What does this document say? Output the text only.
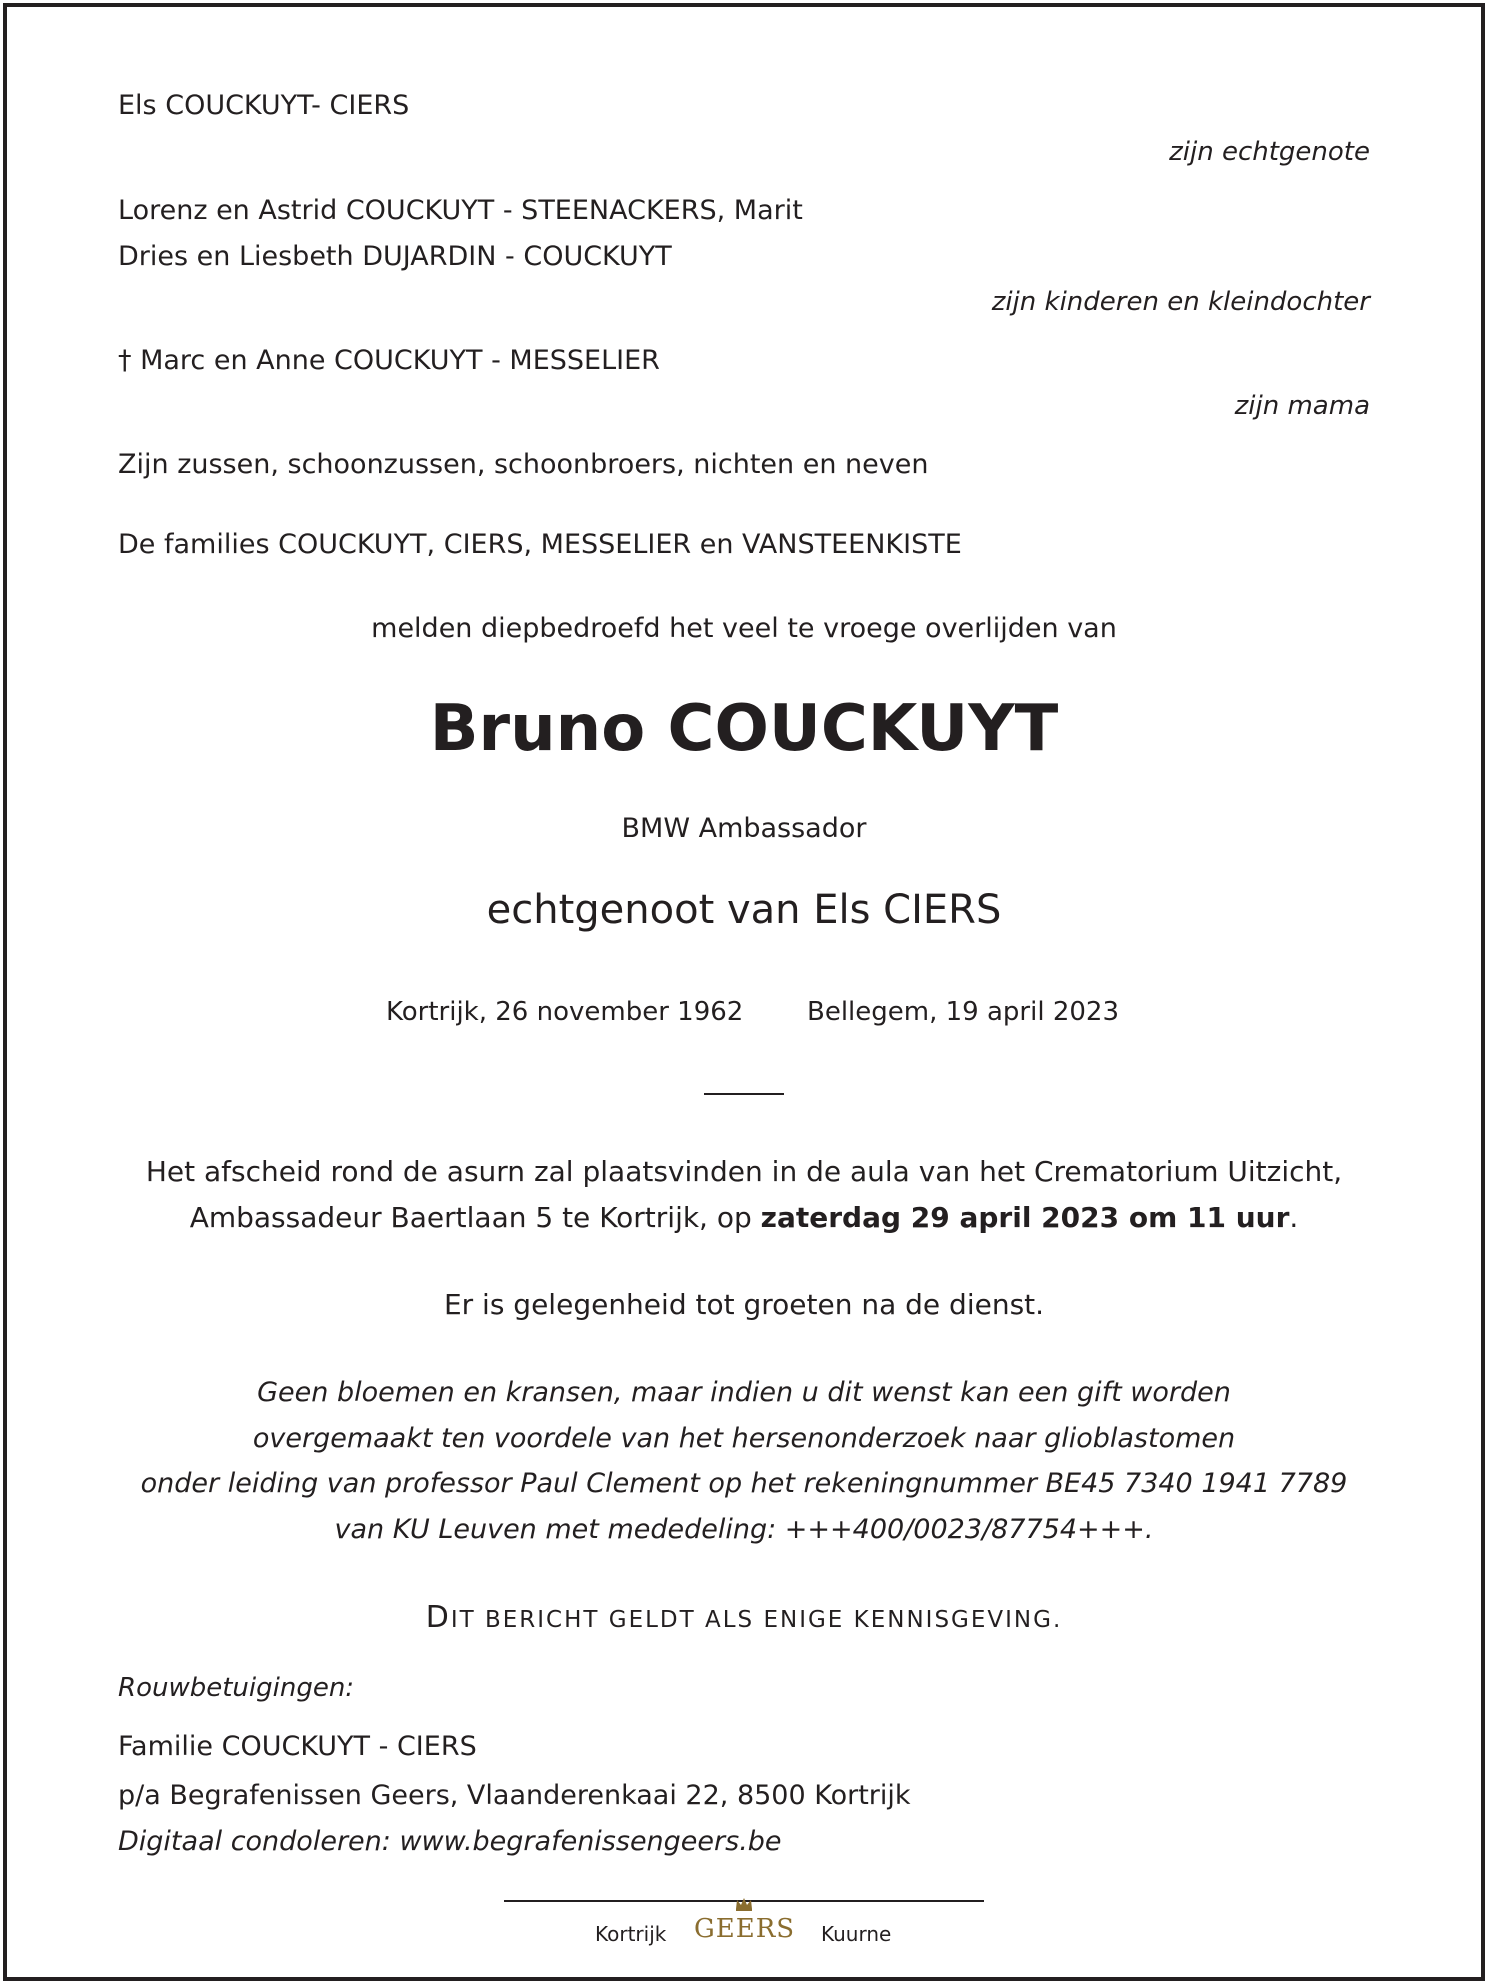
Els COUCKUYT- CIERS
zijn echtgenote
Lorenz en Astrid COUCKUYT - STEENACKERS, Marit
Dries en Liesbeth DUJARDIN - COUCKUYT
zijn kinderen en kleindochter
† Marc en Anne COUCKUYT - MESSELIER
zijn mama
Zijn zussen, schoonzussen, schoonbroers, nichten en neven
De families COUCKUYT, CIERS, MESSELIER en VANSTEENKISTE
melden diepbedroefd het veel te vroege overlijden van
Bruno COUCKUYT
BMW Ambassador
echtgenoot van Els CIERS
Kortrijk, 26 november 1962 Bellegem, 19 april 2023
Het afscheid rond de asurn zal plaatsvinden in de aula van het Crematorium Uitzicht,
Ambassadeur Baertlaan 5 te Kortrijk, op zaterdag 29 april 2023 om 11 uur.
Er is gelegenheid tot groeten na de dienst.
Geen bloemen en kransen, maar indien u dit wenst kan een gift worden
overgemaakt ten voordele van het hersenonderzoek naar glioblastomen
onder leiding van professor Paul Clement op het rekeningnummer BE45 7340 1941 7789
van KU Leuven met mededeling: +++400/0023/87754+++.
DIT BERICHT GELDT ALS ENIGE KENNISGEVING.
Rouwbetuigingen:
Familie COUCKUYT - CIERS
p/a Begrafenissen Geers, Vlaanderenkaai 22, 8500 Kortrijk
Digitaal condoleren: www.begrafenissengeers.be
Kortrijk GEERS Kuurne
